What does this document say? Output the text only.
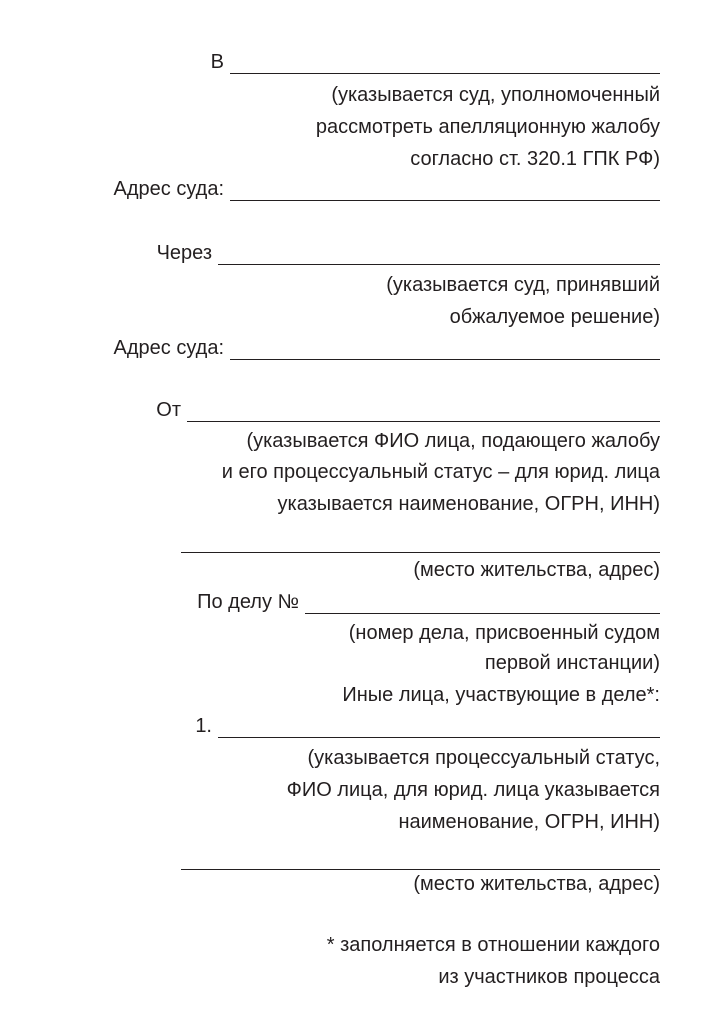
В
(указывается суд, уполномоченный
рассмотреть апелляционную жалобу
согласно ст. 320.1 ГПК РФ)
Адрес суда:
Через
(указывается суд, принявший
обжалуемое решение)
Адрес суда:
От
(указывается ФИО лица, подающего жалобу
и его процессуальный статус – для юрид. лица
указывается наименование, ОГРН, ИНН)
(место жительства, адрес)
По делу №
(номер дела, присвоенный судом
первой инстанции)
Иные лица, участвующие в деле*:
1.
(указывается процессуальный статус,
ФИО лица, для юрид. лица указывается
наименование, ОГРН, ИНН)
(место жительства, адрес)
* заполняется в отношении каждого
из участников процесса
